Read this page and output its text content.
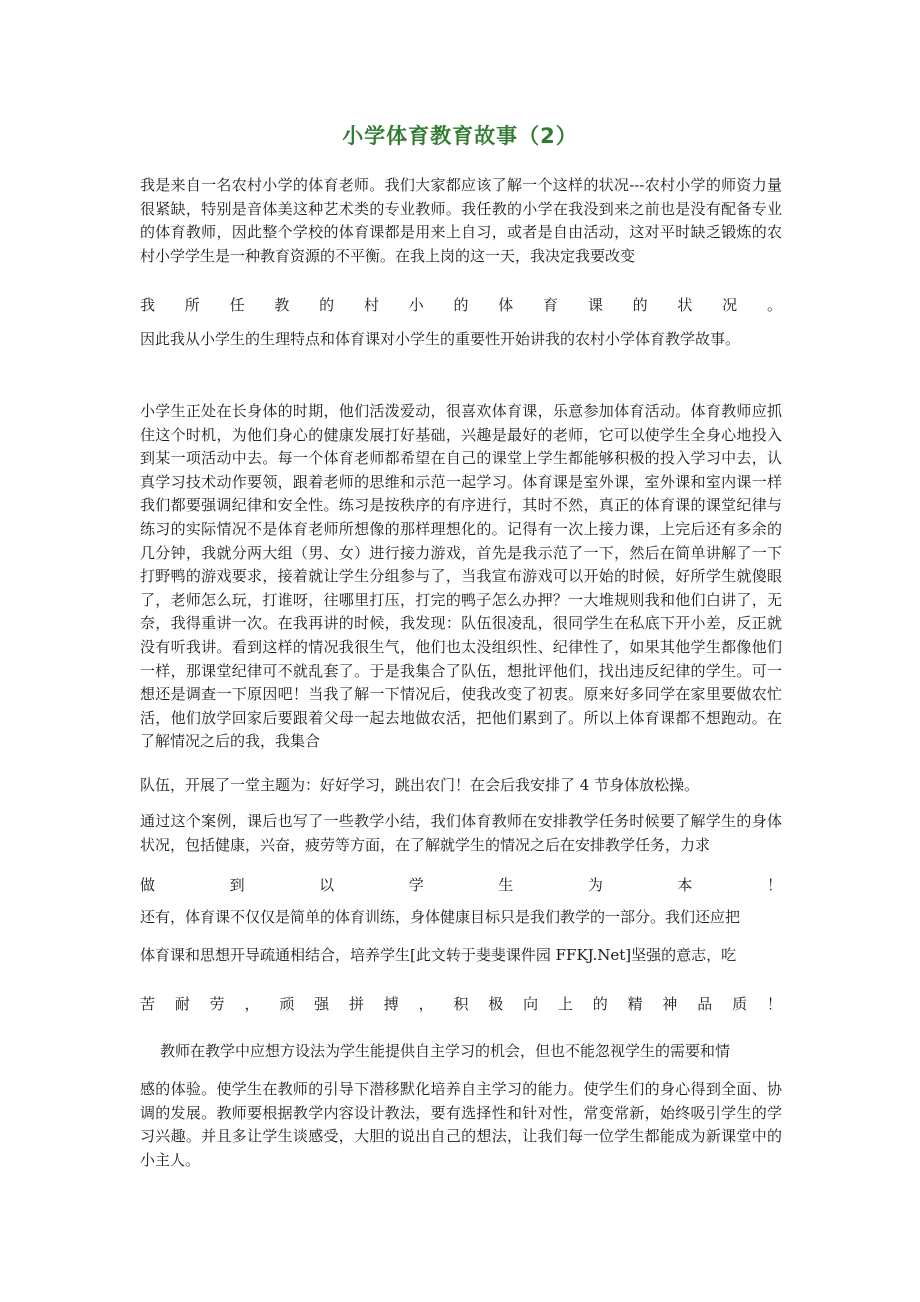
小学体育教育故事（2）

我是来自一名农村小学的体育老师。我们大家都应该了解一个这样的状况---农村小学的师资力量很紧缺，特别是音体美这种艺术类的专业教师。我任教的小学在我没到来之前也是没有配备专业的体育教师，因此整个学校的体育课都是用来上自习，或者是自由活动，这对平时缺乏锻炼的农村小学学生是一种教育资源的不平衡。在我上岗的这一天，我决定我要改变

我 所 任 教 的 村 小 的 体 育 课 的 状 况 。

因此我从小学生的生理特点和体育课对小学生的重要性开始讲我的农村小学体育教学故事。

小学生正处在长身体的时期，他们活泼爱动，很喜欢体育课，乐意参加体育活动。体育教师应抓住这个时机，为他们身心的健康发展打好基础，兴趣是最好的老师，它可以使学生全身心地投入到某一项活动中去。每一个体育老师都希望在自己的课堂上学生都能够积极的投入学习中去，认真学习技术动作要领，跟着老师的思维和示范一起学习。体育课是室外课，室外课和室内课一样我们都要强调纪律和安全性。练习是按秩序的有序进行，其时不然，真正的体育课的课堂纪律与练习的实际情况不是体育老师所想像的那样理想化的。记得有一次上接力课，上完后还有多余的几分钟，我就分两大组（男、女）进行接力游戏，首先是我示范了一下，然后在简单讲解了一下打野鸭的游戏要求，接着就让学生分组参与了，当我宣布游戏可以开始的时候，好所学生就傻眼了，老师怎么玩，打谁呀，往哪里打压，打完的鸭子怎么办押？一大堆规则我和他们白讲了，无奈，我得重讲一次。在我再讲的时候，我发现：队伍很凌乱，很同学生在私底下开小差，反正就没有听我讲。看到这样的情况我很生气，他们也太没组织性、纪律性了，如果其他学生都像他们一样，那课堂纪律可不就乱套了。于是我集合了队伍，想批评他们，找出违反纪律的学生。可一想还是调查一下原因吧！当我了解一下情况后，使我改变了初衷。原来好多同学在家里要做农忙活，他们放学回家后要跟着父母一起去地做农活，把他们累到了。所以上体育课都不想跑动。在了解情况之后的我，我集合

队伍，开展了一堂主题为：好好学习，跳出农门！在会后我安排了 4 节身体放松操。

通过这个案例，课后也写了一些教学小结，我们体育教师在安排教学任务时候要了解学生的身体状况，包括健康，兴奋，疲劳等方面，在了解就学生的情况之后在安排教学任务，力求

做	到	以	学	生	为	本	！

还有，体育课不仅仅是简单的体育训练，身体健康目标只是我们教学的一部分。我们还应把

体育课和思想开导疏通相结合，培养学生[此文转于斐斐课件园 FFKJ.Net]坚强的意志，吃

苦 耐 劳 ， 顽 强 拼 搏 ， 积 极 向 上 的 精 神 品 质 ！

教师在教学中应想方设法为学生能提供自主学习的机会，但也不能忽视学生的需要和情

感的体验。使学生在教师的引导下潜移默化培养自主学习的能力。使学生们的身心得到全面、协调的发展。教师要根据教学内容设计教法，要有选择性和针对性，常变常新，始终吸引学生的学习兴趣。并且多让学生谈感受，大胆的说出自己的想法，让我们每一位学生都能成为新课堂中的小主人。
